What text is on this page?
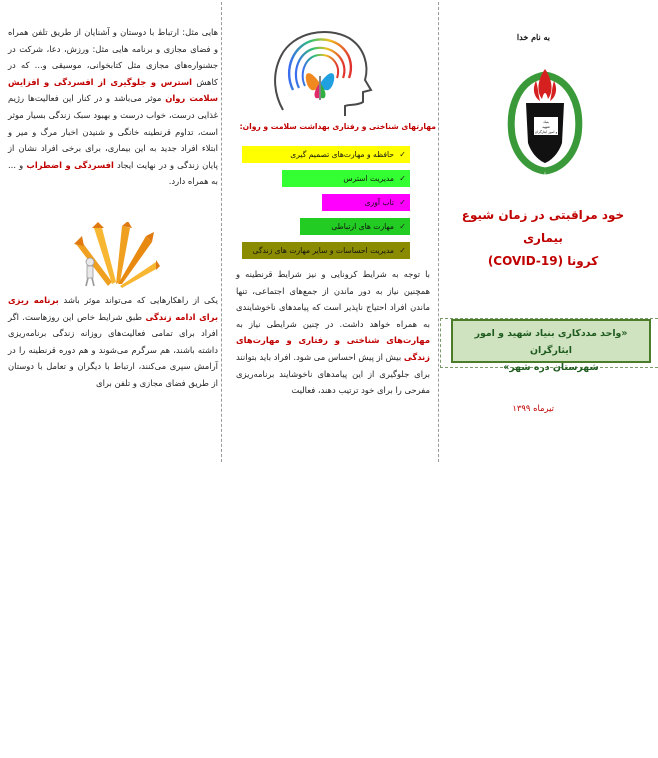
به نام خدا
بنیاد
شهید
و امور ایثارگران
خود مراقبتی در زمان شیوع بیماری
کرونا (COVID-19)
«واحد مددکاری بنیاد شهید و امور ایثارگران
شهرستان دره شهر»
تیرماه ۱۳۹۹
مهارتهای شناختی و رفتاری بهداشت سلامت و روان:
✓
حافظه و مهارت‌های تصمیم گیری
✓
مدیریت استرس
✓
تاب آوری
✓
مهارت های ارتباطی
✓
مدیریت احساسات و سایر مهارت های زندگی
با توجه به شرایط کرونایی و نیز شرایط قرنطینه و همچنین نیاز به دور ماندن از جمع‌های اجتماعی، تنها ماندن افراد احتیاج ناپذیر است که پیامدهای ناخوشایندی به همراه خواهد داشت. در چنین شرایطی نیاز به مهارت‌های شناختی و رفتاری و مهارت‌های زندگی بیش از پیش احساس می شود. افراد باید بتوانند برای جلوگیری از این پیامدهای ناخوشایند برنامه‌ریزی مفرحی را برای خود ترتیب دهند، فعالیت
هایی مثل: ارتباط با دوستان و آشنایان از طریق تلفن همراه و فضای مجازی و برنامه هایی مثل: ورزش، دعا، شرکت در جشنواره‌های مجازی مثل کتابخوانی، موسیقی و... که در کاهش استرس و جلوگیری از افسردگی و افزایش سلامت روان موثر می‌باشد و در کنار این فعالیت‌ها رژیم غذایی درست، خواب درست و بهبود سبک زندگی بسیار موثر است، تداوم قرنطینه خانگی و شنیدن اخبار مرگ و میر و ابتلاء افراد جدید به این بیماری، برای برخی افراد نشان از پایان زندگی و در نهایت ایجاد افسردگی و اضطراب و ... به همراه دارد.
یکی از راهکارهایی که می‌تواند موثر باشد برنامه ریزی برای ادامه زندگی طبق شرایط خاص این روزهاست. اگر افراد برای تمامی فعالیت‌های روزانه زندگی برنامه‌ریزی داشته باشند، هم سرگرم می‌شوند و هم دوره قرنطینه را در آرامش سپری می‌کنند، ارتباط با دیگران و تعامل با دوستان از طریق فضای مجازی و تلفن برای
